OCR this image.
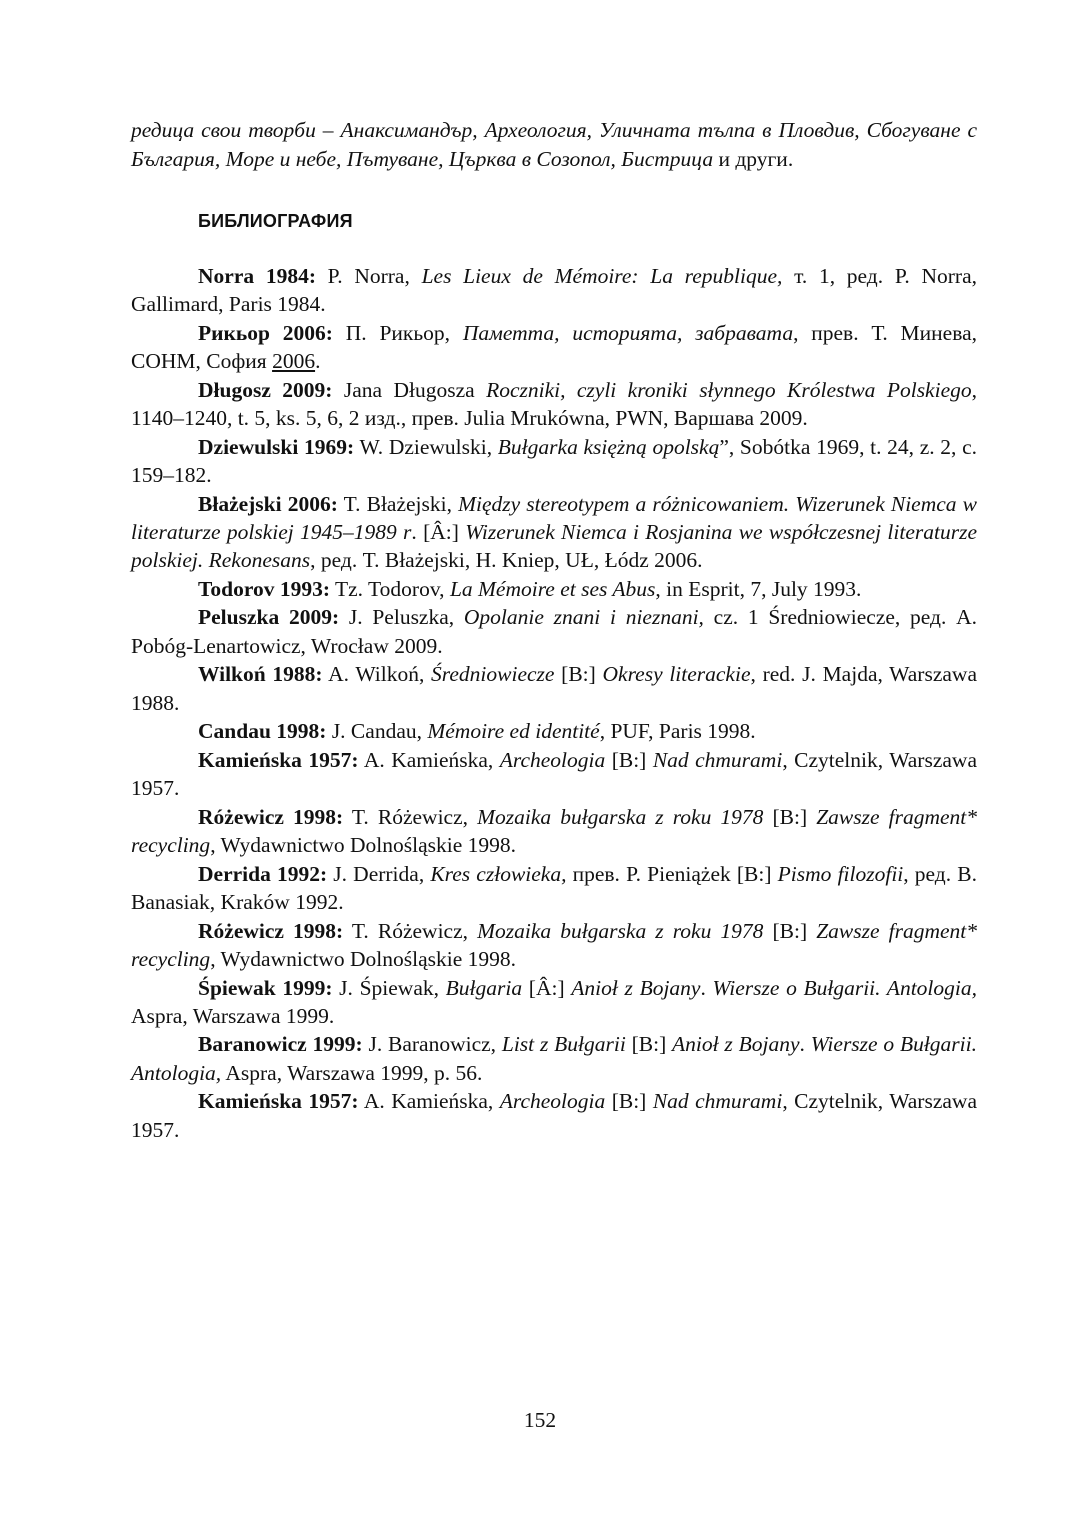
редица свои творби – Анаксимандър, Археология, Уличната тълпа в Пловдив, Сбогуване с България, Море и небе, Пътуване, Църква в Созопол, Бистрица и други.

БИБЛИОГРАФИЯ

Norra 1984: P. Norra, Les Lieux de Mémoire: La republique, т. 1, ред. P. Norra, Gallimard, Paris 1984.

Рикьор 2006: П. Рикьор, Паметта, историята, забравата, прев. Т. Минева, СОНМ, София 2006.

Długosz 2009: Jana Długosza Roczniki, czyli kroniki słynnego Królestwa Polskiego, 1140–1240, t. 5, ks. 5, 6, 2 изд., прев. Julia Mrukówna, PWN, Варшава 2009.

Dziewulski 1969: W. Dziewulski, Bułgarka księżną opolską”, Sobótka 1969, t. 24, z. 2, c. 159–182.

Błażejski 2006: T. Błażejski, Między stereotypem a różnicowaniem. Wizerunek Niemca w literaturze polskiej 1945–1989 r. [Â:] Wizerunek Niemca i Rosjanina we współczesnej literaturze polskiej. Rekonesans, ред. T. Błażejski, H. Kniep, UŁ, Łódz 2006.

Todorov 1993: Tz. Todorov, La Mémoire et ses Abus, in Esprit, 7, July 1993.

Peluszka 2009: J. Peluszka, Opolanie znani i nieznani, cz. 1 Średniowiecze, ред. A. Pobóg-Lenartowicz, Wrocław 2009.

Wilkoń 1988: A. Wilkoń, Średniowiecze [B:] Okresy literackie, red. J. Majda, Warszawa 1988.

Candau 1998: J. Candau, Mémoire ed identité, PUF, Paris 1998.

Kamieńska 1957: A. Kamieńska, Archeologia [B:] Nad chmurami, Czytelnik, Warszawa 1957.

Różewicz 1998: T. Różewicz, Mozaika bułgarska z roku 1978 [B:] Zawsze fragment* recycling, Wydawnictwo Dolnośląskie 1998.

Derrida 1992: J. Derrida, Kres człowieka, прев. P. Pieniążek [B:] Pismo filozofii, ред. B. Banasiak, Kraków 1992.

Różewicz 1998: T. Różewicz, Mozaika bułgarska z roku 1978 [B:] Zawsze fragment* recycling, Wydawnictwo Dolnośląskie 1998.

Śpiewak 1999: J. Śpiewak, Bułgaria [Â:] Anioł z Bojany. Wiersze o Bułgarii. Antologia, Aspra, Warszawa 1999.

Baranowicz 1999: J. Baranowicz, List z Bułgarii [B:] Anioł z Bojany. Wiersze o Bułgarii. Antologia, Aspra, Warszawa 1999, p. 56.

Kamieńska 1957: A. Kamieńska, Archeologia [B:] Nad chmurami, Czytelnik, Warszawa 1957.

152
